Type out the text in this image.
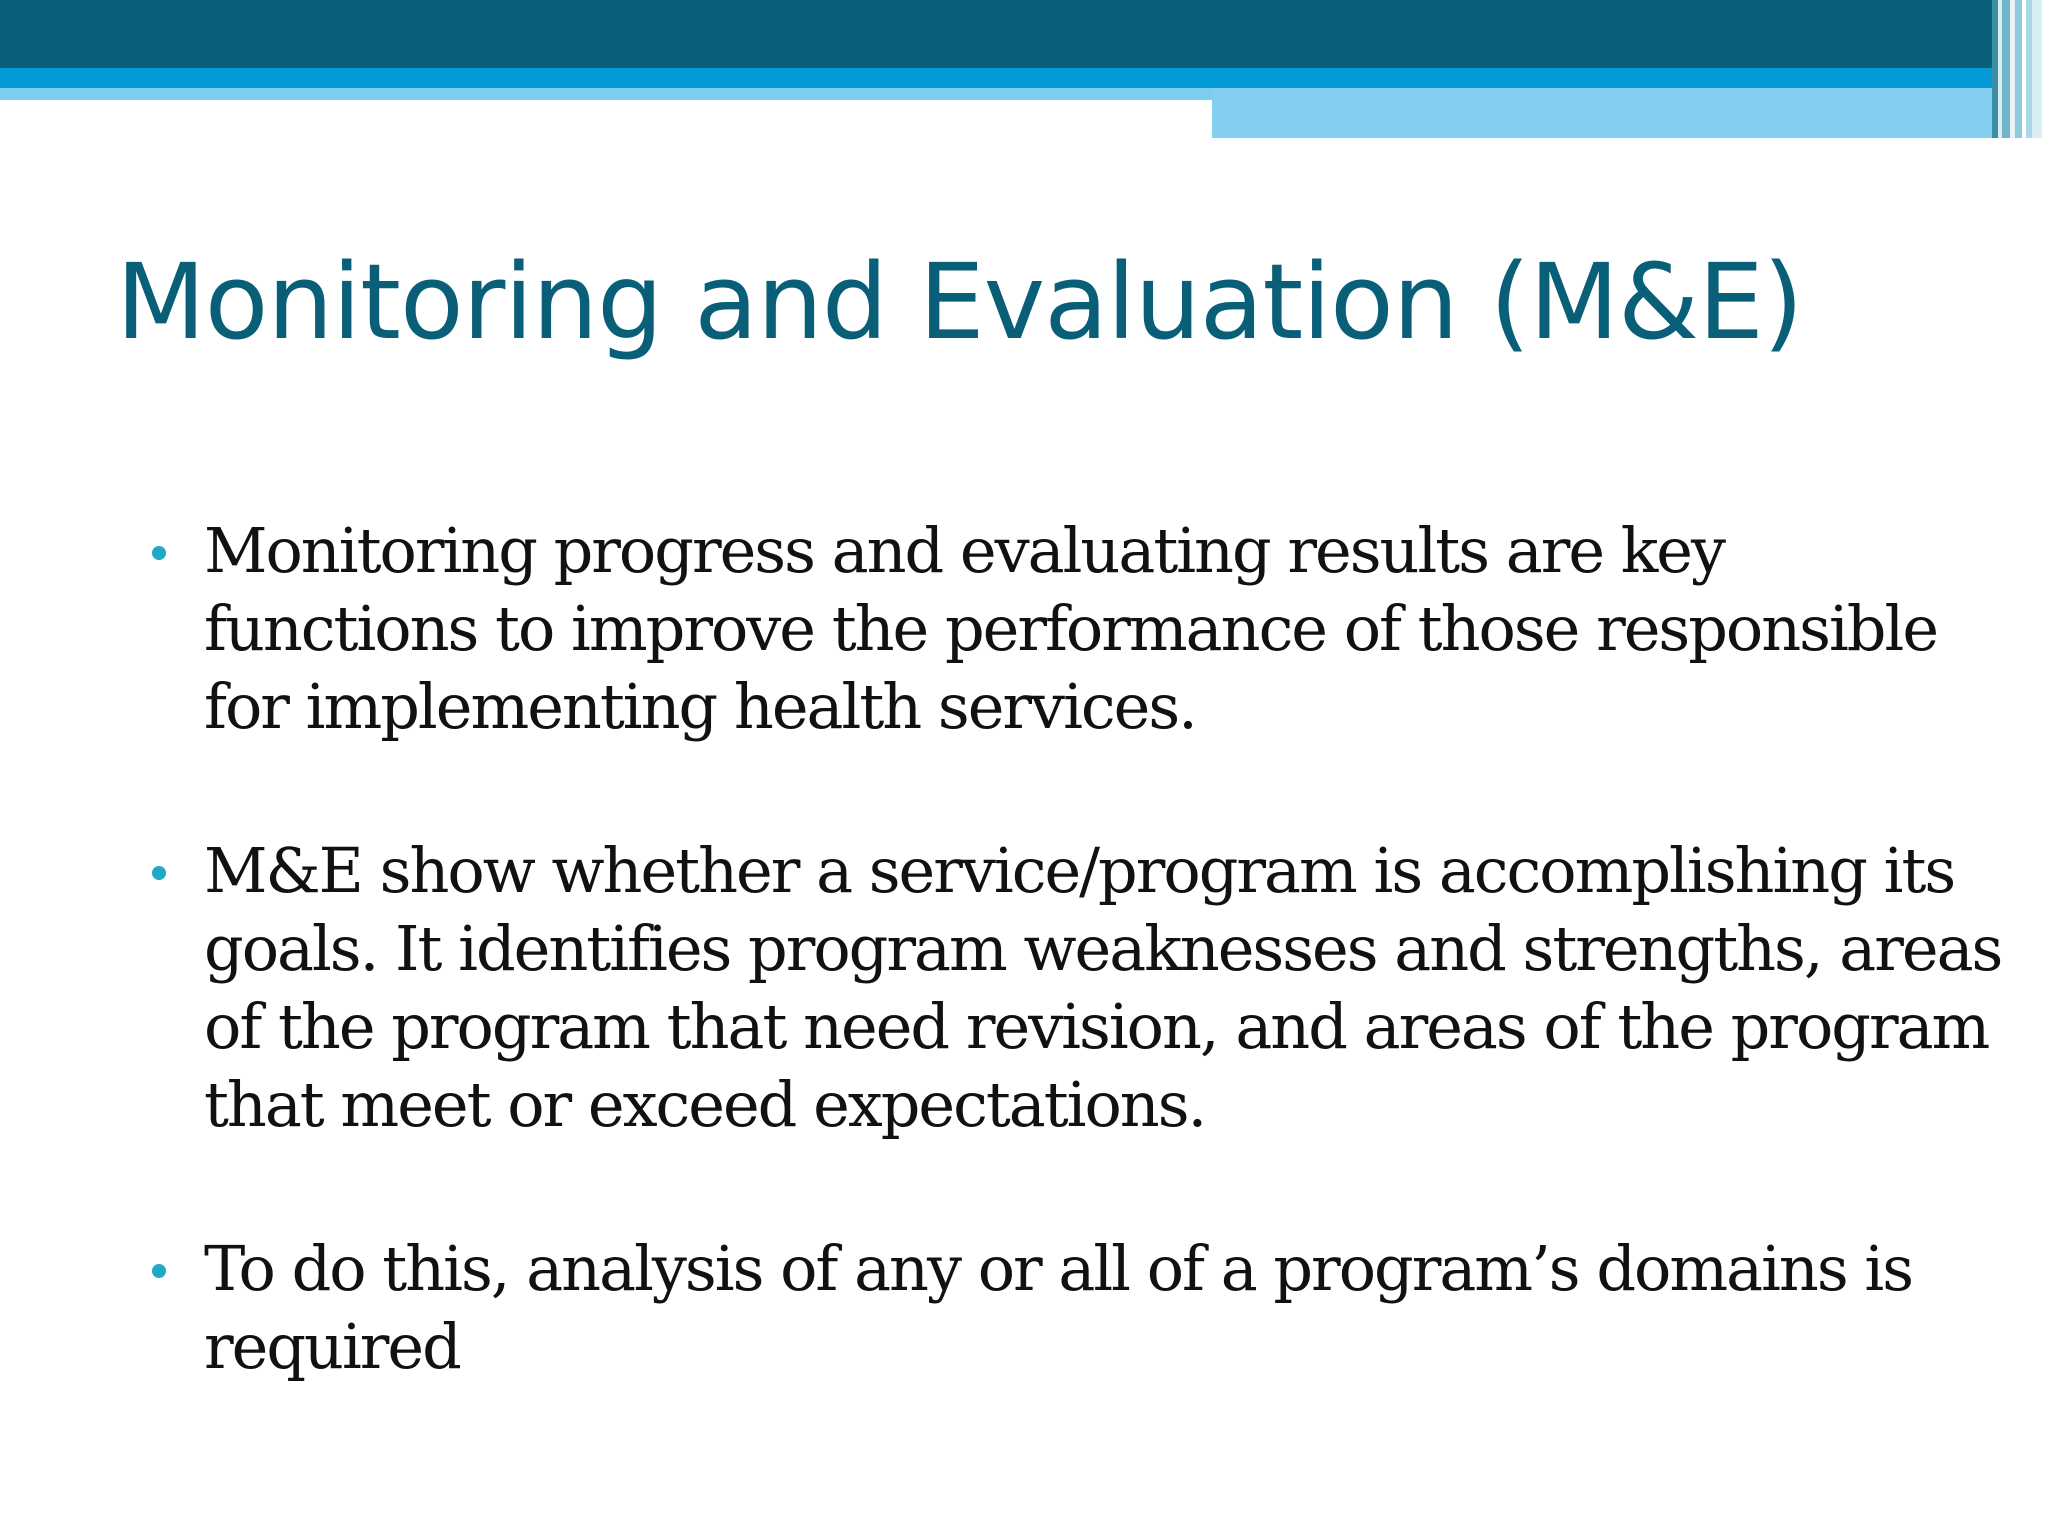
Monitoring and Evaluation (M&E)
Monitoring progress and evaluating results are key functions to improve the performance of those responsible for implementing health services.
M&E show whether a service/program is accomplishing its goals. It identifies program weaknesses and strengths, areas of the program that need revision, and areas of the program that meet or exceed expectations.
To do this, analysis of any or all of a program’s domains is required
